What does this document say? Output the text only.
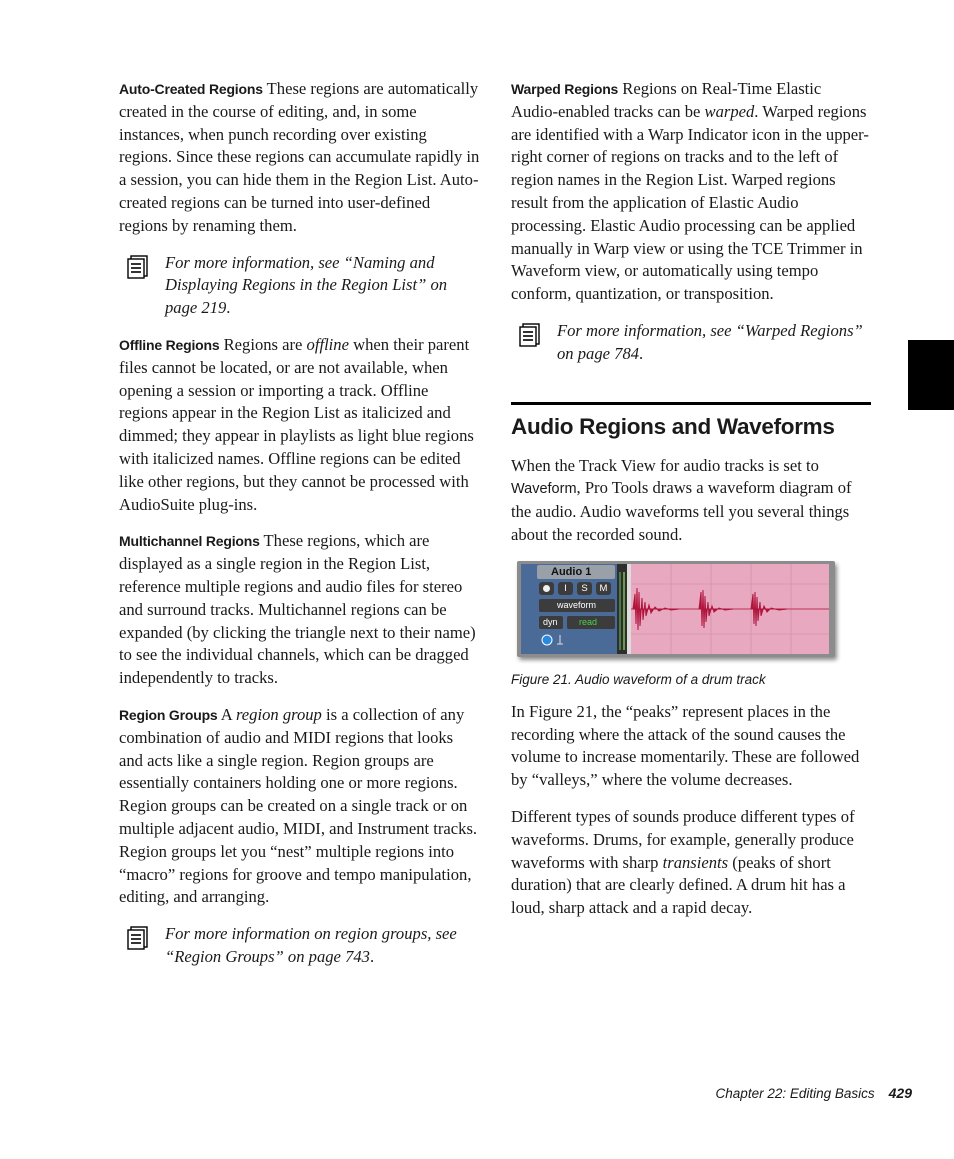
Auto-Created Regions These regions are automatically created in the course of editing, and, in some instances, when punch recording over existing regions. Since these regions can accumulate rapidly in a session, you can hide them in the Region List. Auto-created regions can be turned into user-defined regions by renaming them.

For more information, see “Naming and Displaying Regions in the Region List” on page 219.

Offline Regions Regions are offline when their parent files cannot be located, or are not available, when opening a session or importing a track. Offline regions appear in the Region List as italicized and dimmed; they appear in playlists as light blue regions with italicized names. Offline regions can be edited like other regions, but they cannot be processed with AudioSuite plug-ins.

Multichannel Regions These regions, which are displayed as a single region in the Region List, reference multiple regions and audio files for stereo and surround tracks. Multichannel regions can be expanded (by clicking the triangle next to their name) to see the individual channels, which can be dragged independently to tracks.

Region Groups A region group is a collection of any combination of audio and MIDI regions that looks and acts like a single region. Region groups are essentially containers holding one or more regions. Region groups can be created on a single track or on multiple adjacent audio, MIDI, and Instrument tracks. Region groups let you “nest” multiple regions into “macro” regions for groove and tempo manipulation, editing, and arranging.

For more information on region groups, see “Region Groups” on page 743.

Warped Regions Regions on Real-Time Elastic Audio-enabled tracks can be warped. Warped regions are identified with a Warp Indicator icon in the upper-right corner of regions on tracks and to the left of region names in the Region List. Warped regions result from the application of Elastic Audio processing. Elastic Audio processing can be applied manually in Warp view or using the TCE Trimmer in Waveform view, or automatically using tempo conform, quantization, or transposition.

For more information, see “Warped Regions” on page 784.
Audio Regions and Waveforms

When the Track View for audio tracks is set to Waveform, Pro Tools draws a waveform diagram of the audio. Audio waveforms tell you several things about the recorded sound.

Audio 1
I	S	M
waveform
dyn read
Figure 21. Audio waveform of a drum track

In Figure 21, the “peaks” represent places in the recording where the attack of the sound causes the volume to increase momentarily. These are followed by “valleys,” where the volume decreases.

Different types of sounds produce different types of waveforms. Drums, for example, generally produce waveforms with sharp transients (peaks of short duration) that are clearly defined. A drum hit has a loud, sharp attack and a rapid decay.

Chapter 22: Editing Basics 429
